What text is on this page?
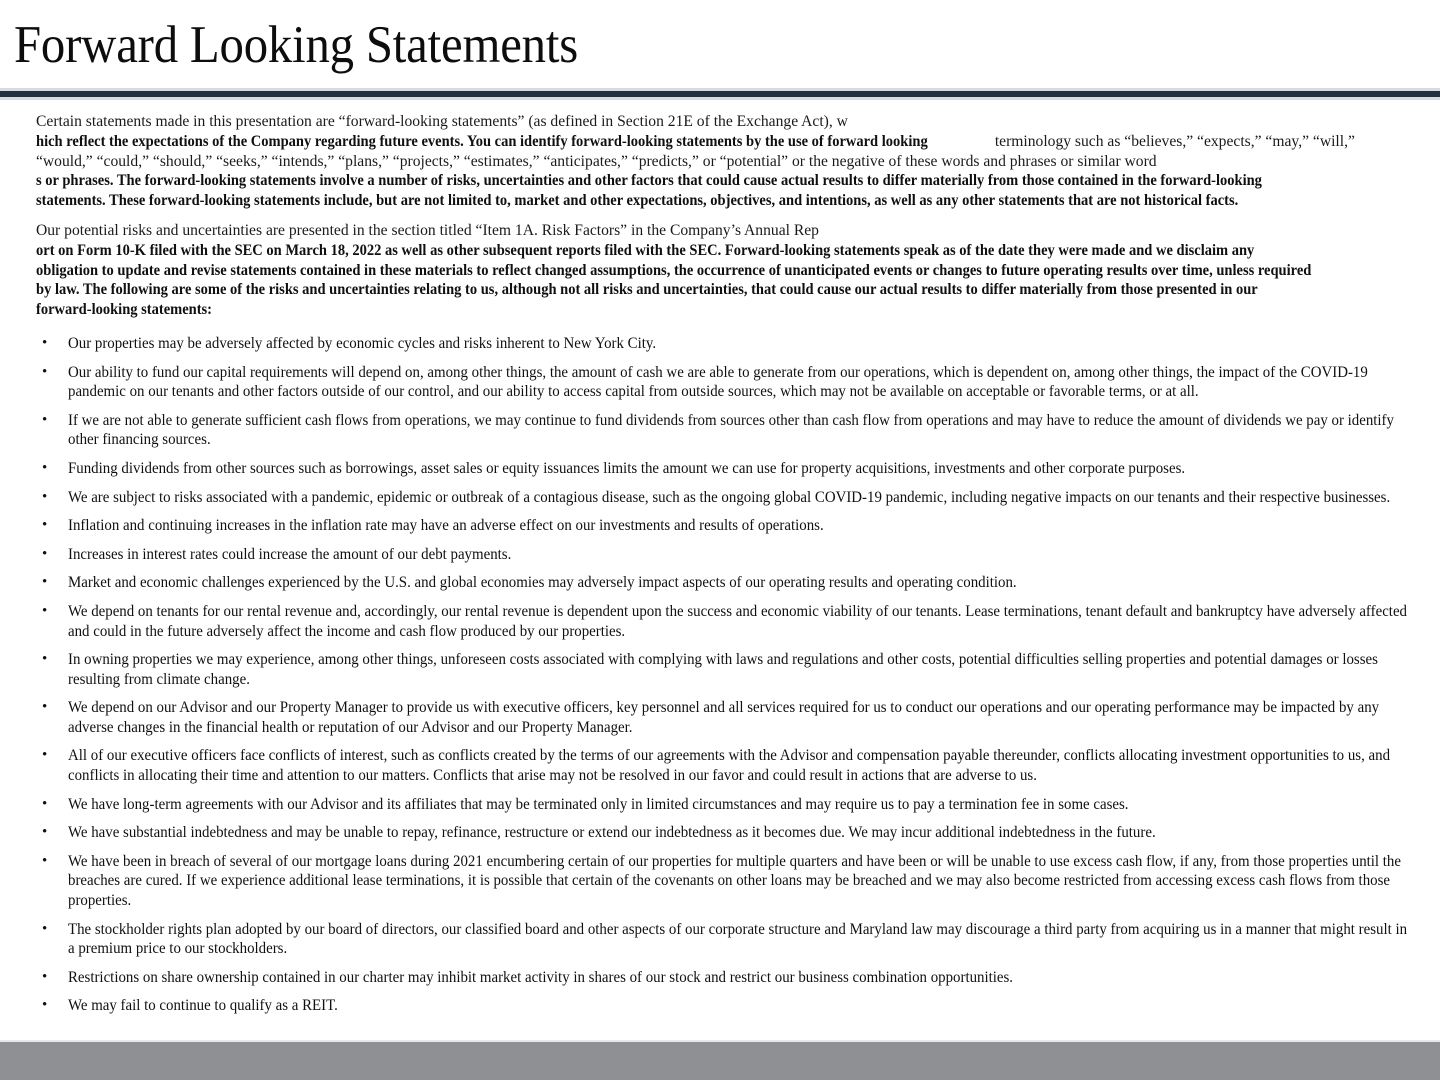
Forward Looking Statements

Certain statements made in this presentation are “forward-looking statements” (as defined in Section 21E of the Exchange Act), which reflect the expectations of the Company regarding future events. You can identify forward-looking statements by the use of forward looking	terminology such as “believes,” “expects,” “may,” “will,” “would,” “could,” “should,” “seeks,” “intends,” “plans,” “projects,” “estimates,” “anticipates,” “predicts,” or “potential” or the negative of these words and phrases or similar words or phrases. The forward-looking statements involve a number of risks, uncertainties and other factors that could cause actual results to differ materially from those contained in the forward-looking statements. These forward-looking statements include, but are not limited to, market and other expectations, objectives, and intentions, as well as any other statements that are not historical facts.

Our potential risks and uncertainties are presented in the section titled “Item 1A. Risk Factors” in the Company’s Annual Report on Form 10-K filed with the SEC on March 18, 2022 as well as other subsequent reports filed with the SEC. Forward-looking statements speak as of the date they were made and we disclaim any obligation to update and revise statements contained in these materials to reflect changed assumptions, the occurrence of unanticipated events or changes to future operating results over time, unless required by law. The following are some of the risks and uncertainties relating to us, although not all risks and uncertainties, that could cause our actual results to differ materially from those presented in our forward-looking statements:

• Our properties may be adversely affected by economic cycles and risks inherent to New York City.
• Our ability to fund our capital requirements will depend on, among other things, the amount of cash we are able to generate from our operations, which is dependent on, among other things, the impact of the COVID-19 pandemic on our tenants and other factors outside of our control, and our ability to access capital from outside sources, which may not be available on acceptable or favorable terms, or at all.
• If we are not able to generate sufficient cash flows from operations, we may continue to fund dividends from sources other than cash flow from operations and may have to reduce the amount of dividends we pay or identify other financing sources.
• Funding dividends from other sources such as borrowings, asset sales or equity issuances limits the amount we can use for property acquisitions, investments and other corporate purposes.
• We are subject to risks associated with a pandemic, epidemic or outbreak of a contagious disease, such as the ongoing global COVID-19 pandemic, including negative impacts on our tenants and their respective businesses.
• Inflation and continuing increases in the inflation rate may have an adverse effect on our investments and results of operations.
• Increases in interest rates could increase the amount of our debt payments.
• Market and economic challenges experienced by the U.S. and global economies may adversely impact aspects of our operating results and operating condition.
• We depend on tenants for our rental revenue and, accordingly, our rental revenue is dependent upon the success and economic viability of our tenants. Lease terminations, tenant default and bankruptcy have adversely affected and could in the future adversely affect the income and cash flow produced by our properties.
• In owning properties we may experience, among other things, unforeseen costs associated with complying with laws and regulations and other costs, potential difficulties selling properties and potential damages or losses resulting from climate change.
• We depend on our Advisor and our Property Manager to provide us with executive officers, key personnel and all services required for us to conduct our operations and our operating performance may be impacted by any adverse changes in the financial health or reputation of our Advisor and our Property Manager.
• All of our executive officers face conflicts of interest, such as conflicts created by the terms of our agreements with the Advisor and compensation payable thereunder, conflicts allocating investment opportunities to us, and conflicts in allocating their time and attention to our matters. Conflicts that arise may not be resolved in our favor and could result in actions that are adverse to us.
• We have long-term agreements with our Advisor and its affiliates that may be terminated only in limited circumstances and may require us to pay a termination fee in some cases.
• We have substantial indebtedness and may be unable to repay, refinance, restructure or extend our indebtedness as it becomes due. We may incur additional indebtedness in the future.
• We have been in breach of several of our mortgage loans during 2021 encumbering certain of our properties for multiple quarters and have been or will be unable to use excess cash flow, if any, from those properties until the breaches are cured. If we experience additional lease terminations, it is possible that certain of the covenants on other loans may be breached and we may also become restricted from accessing excess cash flows from those properties.
• The stockholder rights plan adopted by our board of directors, our classified board and other aspects of our corporate structure and Maryland law may discourage a third party from acquiring us in a manner that might result in a premium price to our stockholders.
• Restrictions on share ownership contained in our charter may inhibit market activity in shares of our stock and restrict our business combination opportunities.
• We may fail to continue to qualify as a REIT.
